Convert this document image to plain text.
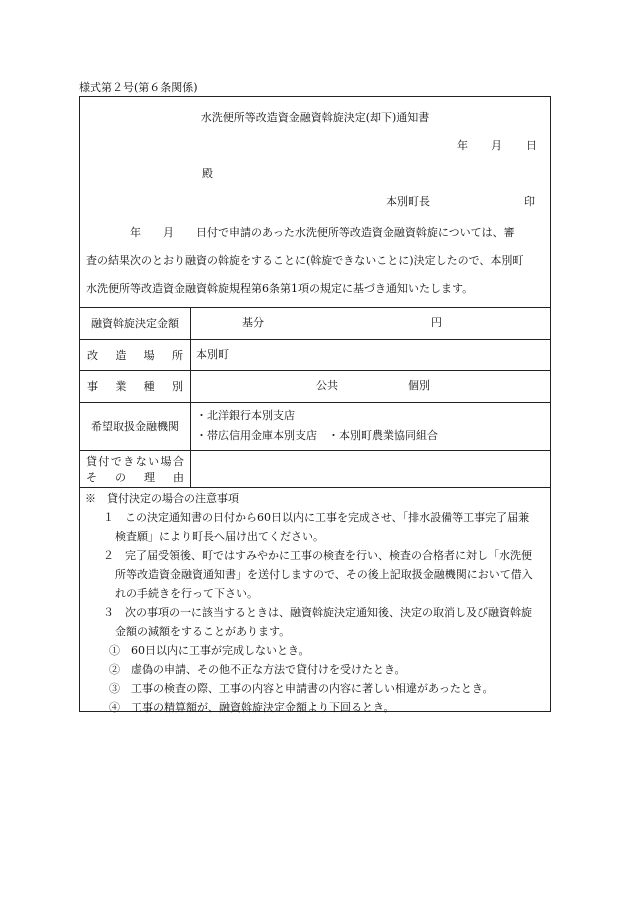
様式第２号(第６条関係)
水洗便所等改造資金融資斡旋決定(却下)通知書
年 月 日
殿
本別町長	印
　　　　年　　月　　日付で申請のあった水洗便所等改造資金融資斡旋については、審
査の結果次のとおり融資の斡旋をすることに(斡旋できないことに)決定したので、本別町
水洗便所等改造資金融資斡旋規程第6条第1項の規定に基づき通知いたします。
融資斡旋決定金額	基分	円
改 造 場 所 本別町
事 業 種 別	公共	個別
希望取扱金融機関
・北洋銀行本別支店
・帯広信用金庫本別支店　・本別町農業協同組合
貸 付 で き な い 場 合
そ の 理 由
※　貸付決定の場合の注意事項
１　この決定通知書の日付から60日以内に工事を完成させ、「排水設備等工事完了届兼
検査願」により町長へ届け出てください。
２　完了届受領後、町ではすみやかに工事の検査を行い、検査の合格者に対し「水洗便
所等改造資金融資通知書」を送付しますので、その後上記取扱金融機関において借入
れの手続きを行って下さい。
３　次の事項の一に該当するときは、融資斡旋決定通知後、決定の取消し及び融資斡旋
金額の減額をすることがあります。
①　60日以内に工事が完成しないとき。
②　虚偽の申請、その他不正な方法で貸付けを受けたとき。
③　工事の検査の際、工事の内容と申請書の内容に著しい相違があったとき。
④　工事の精算額が、融資斡旋決定金額より下回るとき。
